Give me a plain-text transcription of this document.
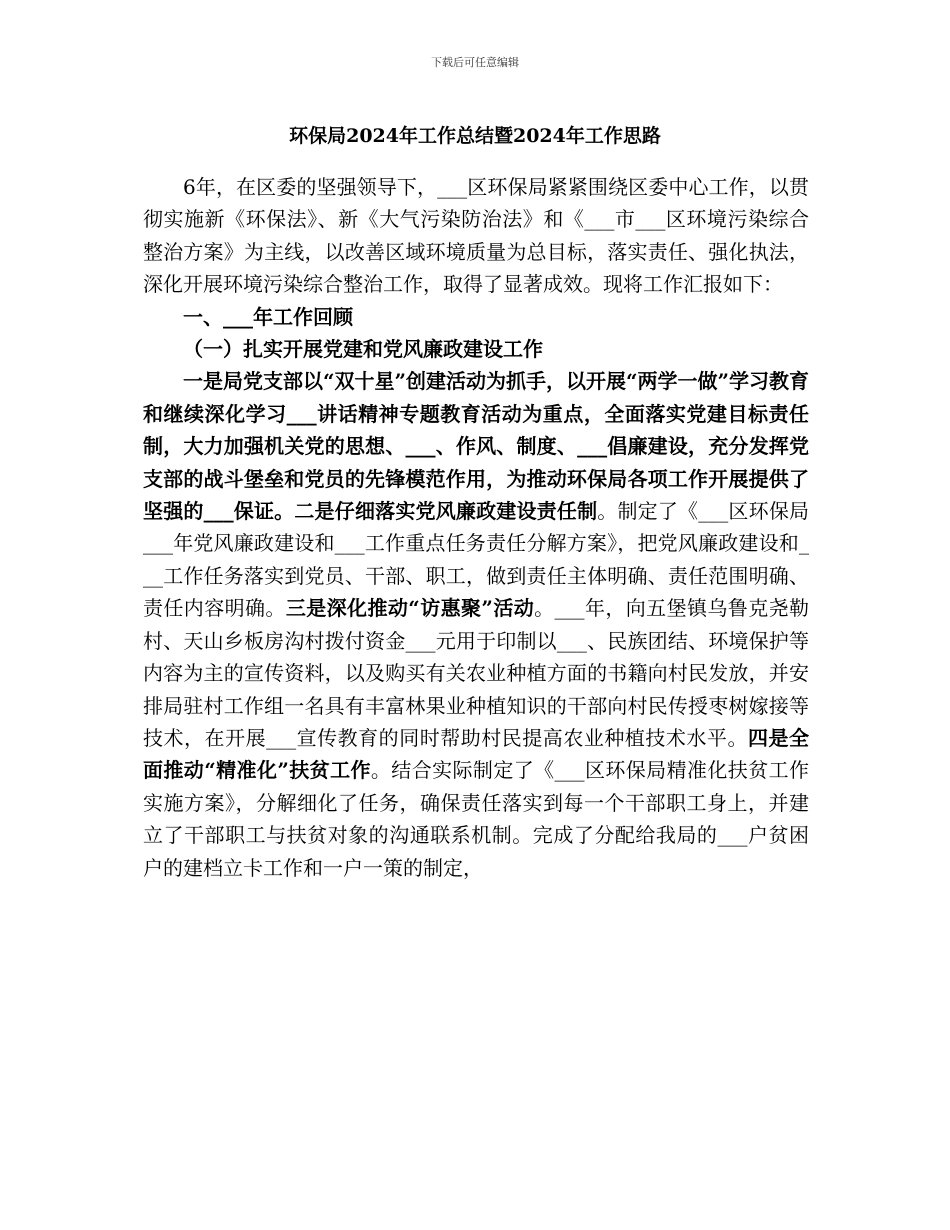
下载后可任意编辑
环保局2024年工作总结暨2024年工作思路

6年，在区委的坚强领导下，___区环保局紧紧围绕区委中心工作，以贯彻实施新《环保法》、新《大气污染防治法》和《___市___区环境污染综合整治方案》为主线，以改善区域环境质量为总目标，落实责任、强化执法，深化开展环境污染综合整治工作，取得了显著成效。现将工作汇报如下：

一、___年工作回顾

（一）扎实开展党建和党风廉政建设工作

一是局党支部以“双十星”创建活动为抓手，以开展“两学一做”学习教育和继续深化学习___讲话精神专题教育活动为重点，全面落实党建目标责任制，大力加强机关党的思想、___、作风、制度、___倡廉建设，充分发挥党支部的战斗堡垒和党员的先锋模范作用，为推动环保局各项工作开展提供了坚强的___保证。二是仔细落实党风廉政建设责任制。制定了《___区环保局___年党风廉政建设和___工作重点任务责任分解方案》，把党风廉政建设和___工作任务落实到党员、干部、职工，做到责任主体明确、责任范围明确、责任内容明确。三是深化推动“访惠聚”活动。___年，向五堡镇乌鲁克尧勒村、天山乡板房沟村拨付资金___元用于印制以___、民族团结、环境保护等内容为主的宣传资料，以及购买有关农业种植方面的书籍向村民发放，并安排局驻村工作组一名具有丰富林果业种植知识的干部向村民传授枣树嫁接等技术，在开展___宣传教育的同时帮助村民提高农业种植技术水平。四是全面推动“精准化”扶贫工作。结合实际制定了《___区环保局精准化扶贫工作实施方案》，分解细化了任务，确保责任落实到每一个干部职工身上，并建立了干部职工与扶贫对象的沟通联系机制。完成了分配给我局的___户贫困户的建档立卡工作和一户一策的制定，
